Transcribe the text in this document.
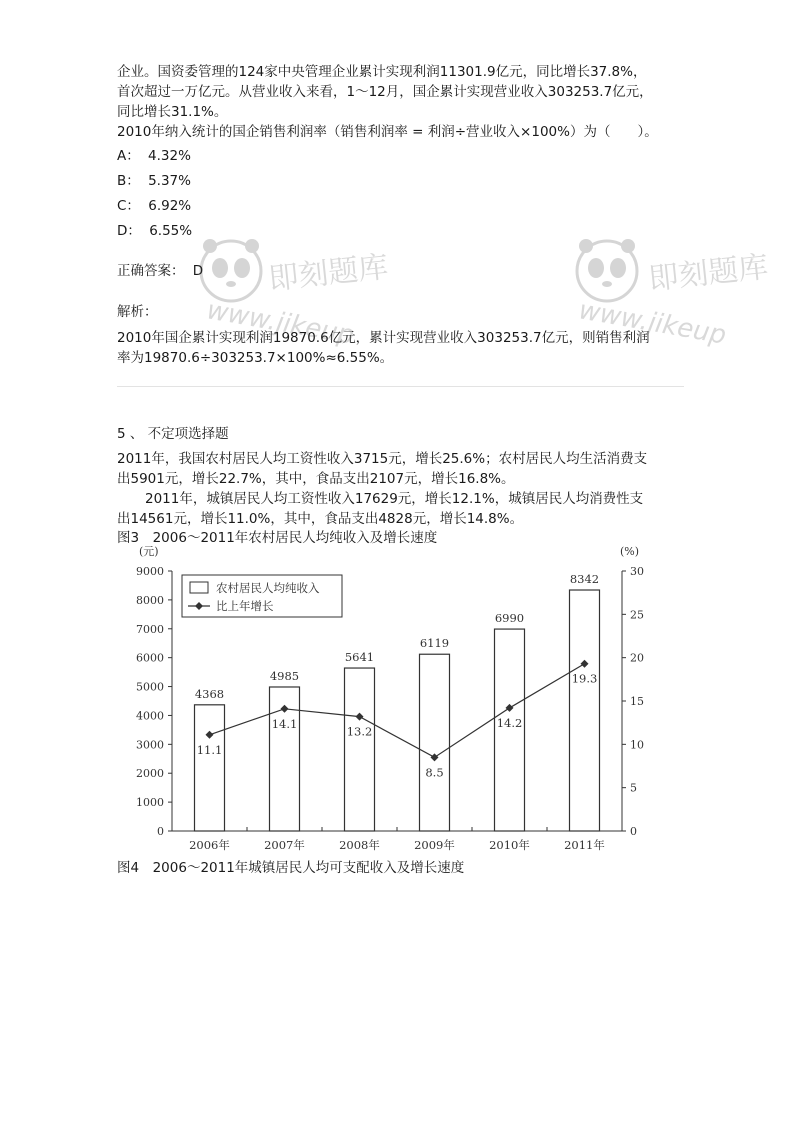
企业。国资委管理的124家中央管理企业累计实现利润11301.9亿元，同比增长37.8%，
首次超过一万亿元。从营业收入来看，1～12月，国企累计实现营业收入303253.7亿元，
同比增长31.1%。
2010年纳入统计的国企销售利润率（销售利润率 = 利润÷营业收入×100%）为（　　）。
A： 4.32%
B： 5.37%
C： 6.92%
D： 6.55%
正确答案： D
解析：
2010年国企累计实现利润19870.6亿元，累计实现营业收入303253.7亿元，则销售利润
率为19870.6÷303253.7×100%≈6.55%。
5 、 不定项选择题
2011年，我国农村居民人均工资性收入3715元，增长25.6%；农村居民人均生活消费支
出5901元，增长22.7%，其中，食品支出2107元，增长16.8%。
2011年，城镇居民人均工资性收入17629元，增长12.1%，城镇居民人均消费性支
出14561元，增长11.0%，其中，食品支出4828元，增长14.8%。
图3　2006～2011年农村居民人均纯收入及增长速度
(元)	(%)
0
1000
2000
3000
4000
5000
6000
7000
8000
9000
0
5
10
15
20
25
30
2006年
4368
2007年
4985
2008年
5641
2009年
6119
2010年
6990
2011年
8342
11.1
14.1
13.2
8.5
14.2
19.3
农村居民人均纯收入
比上年增长
图4　2006～2011年城镇居民人均可支配收入及增长速度
即刻题库
www.jikeup
即刻题库
www.jikeup
